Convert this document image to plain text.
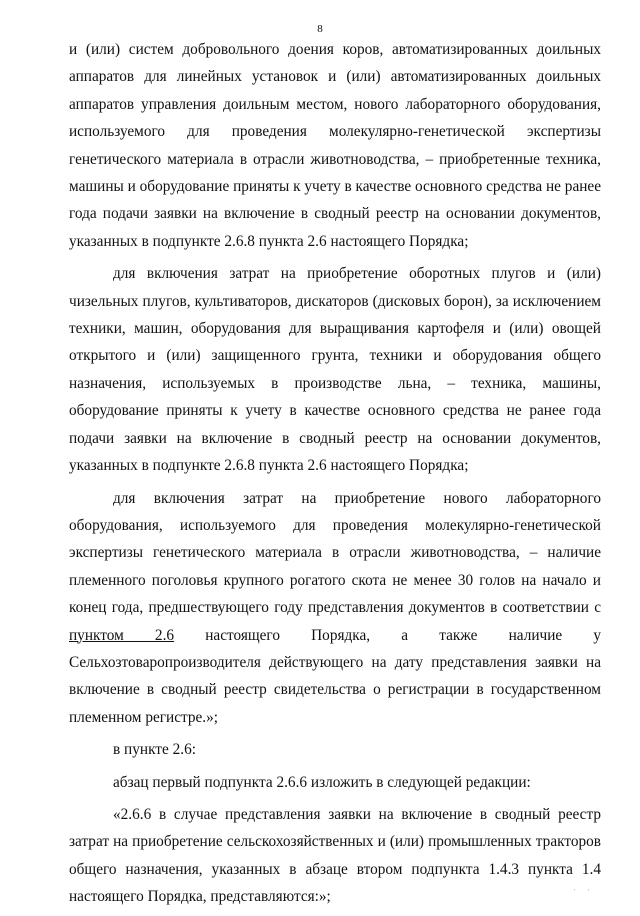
8

и (или) систем добровольного доения коров, автоматизированных доильных аппаратов для линейных установок и (или) автоматизированных доильных аппаратов управления доильным местом, нового лабораторного оборудования, используемого для проведения молекулярно-генетической экспертизы генетического материала в отрасли животноводства, – приобретенные техника, машины и оборудование приняты к учету в качестве основного средства не ранее года подачи заявки на включение в сводный реестр на основании документов, указанных в подпункте 2.6.8 пункта 2.6 настоящего Порядка;

для включения затрат на приобретение оборотных плугов и (или) чизельных плугов, культиваторов, дискаторов (дисковых борон), за исключением техники, машин, оборудования для выращивания картофеля и (или) овощей открытого и (или) защищенного грунта, техники и оборудования общего назначения, используемых в производстве льна, – техника, машины, оборудование приняты к учету в качестве основного средства не ранее года подачи заявки на включение в сводный реестр на основании документов, указанных в подпункте 2.6.8 пункта 2.6 настоящего Порядка;

для включения затрат на приобретение нового лабораторного оборудования, используемого для проведения молекулярно-генетической экспертизы генетического материала в отрасли животноводства, – наличие племенного поголовья крупного рогатого скота не менее 30 голов на начало и конец года, предшествующего году представления документов в соответствии с пунктом 2.6 настоящего Порядка, а также наличие у Сельхозтоваропроизводителя действующего на дату представления заявки на включение в сводный реестр свидетельства о регистрации в государственном племенном регистре.»;

в пункте 2.6:

абзац первый подпункта 2.6.6 изложить в следующей редакции:

«2.6.6 в случае представления заявки на включение в сводный реестр затрат на приобретение сельскохозяйственных и (или) промышленных тракторов общего назначения, указанных в абзаце втором подпункта 1.4.3 пункта 1.4 настоящего Порядка, представляются:»;	˙ ˙
